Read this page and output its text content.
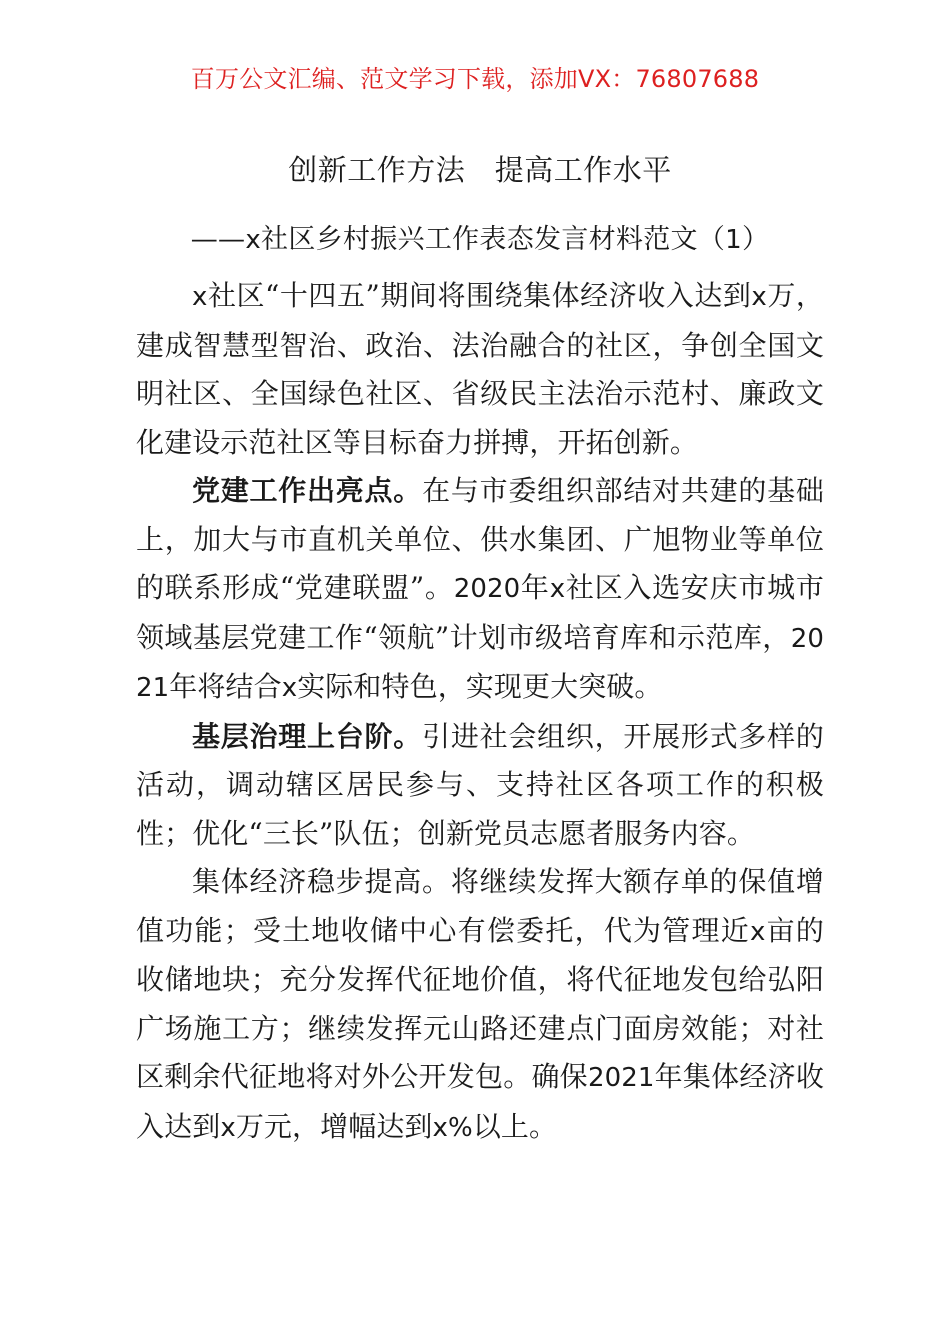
百万公文汇编、范文学习下载，添加VX：76807688
创新工作方法　提高工作水平
——x社区乡村振兴工作表态发言材料范文（1）

x社区“十四五”期间将围绕集体经济收入达到x万，建成智慧型智治、政治、法治融合的社区，争创全国文明社区、全国绿色社区、省级民主法治示范村、廉政文化建设示范社区等目标奋力拼搏，开拓创新。

党建工作出亮点。在与市委组织部结对共建的基础上，加大与市直机关单位、供水集团、广旭物业等单位的联系形成“党建联盟”。2020年x社区入选安庆市城市领域基层党建工作“领航”计划市级培育库和示范库，2021年将结合x实际和特色，实现更大突破。

基层治理上台阶。引进社会组织，开展形式多样的活动，调动辖区居民参与、支持社区各项工作的积极性；优化“三长”队伍；创新党员志愿者服务内容。

集体经济稳步提高。将继续发挥大额存单的保值增值功能；受土地收储中心有偿委托，代为管理近x亩的收储地块；充分发挥代征地价值，将代征地发包给弘阳广场施工方；继续发挥元山路还建点门面房效能；对社区剩余代征地将对外公开发包。确保2021年集体经济收入达到x万元，增幅达到x%以上。
